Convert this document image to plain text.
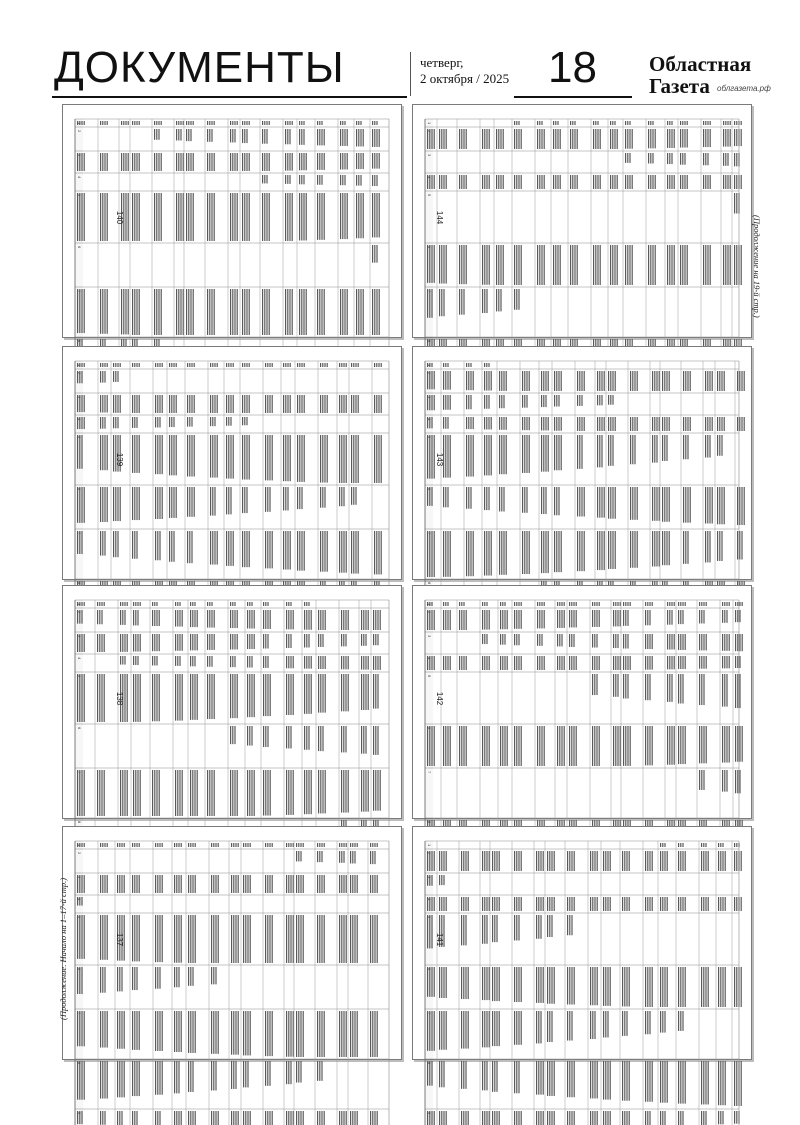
ДОКУМЕНТЫ	четверг,
2 октября / 2025 18 Областная
Газета облгазета.рф
1
2
3
4
5
6
7
8
140
1
2
3
4
5
6
7
8
144
1
2
3
4
5
6
7
8
139
1
2
3
4
5
6
7
8
143
1
2
3
4
5
6
7
8
138
1
2
3
4
5
6
7
8
142
1
2
3
4
5
6
7
8
9
137
1
2
3
4
5
6
7
8
9
141
(Продолжение. Начало на 1–17-й стр.)
(Продолжение на 19-й стр.)
